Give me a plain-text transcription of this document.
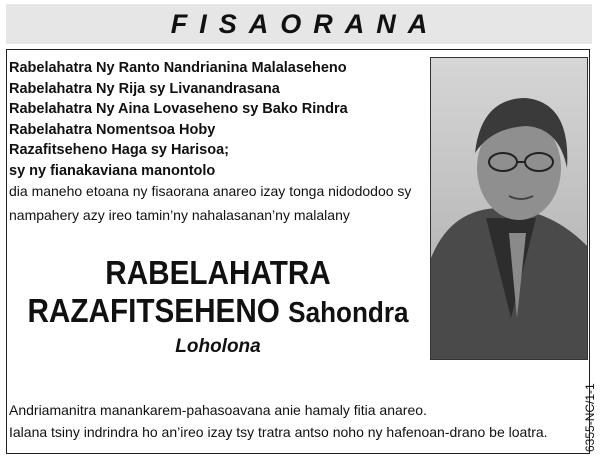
FISAORANA
Rabelahatra Ny Ranto Nandrianina Malalaseheno
Rabelahatra Ny Rija sy Livanandrasana
Rabelahatra Ny Aina Lovaseheno sy Bako Rindra
Rabelahatra Nomentsoa Hoby
Razafitseheno Haga sy Harisoa;
sy ny fianakaviana manontolo
dia maneho etoana ny fisaorana anareo izay tonga nidododoo sy
nampahery azy ireo tamin’ny nahalasanan’ny malalany
RABELAHATRA
RAZAFITSEHENO Sahondra
Loholona
Andriamanitra manankarem-pahasoavana anie hamaly fitia anareo.
Ialana tsiny indrindra ho an’ireo izay tsy tratra antso noho ny hafenoan-drano be loatra.	6355-NC/1-1
